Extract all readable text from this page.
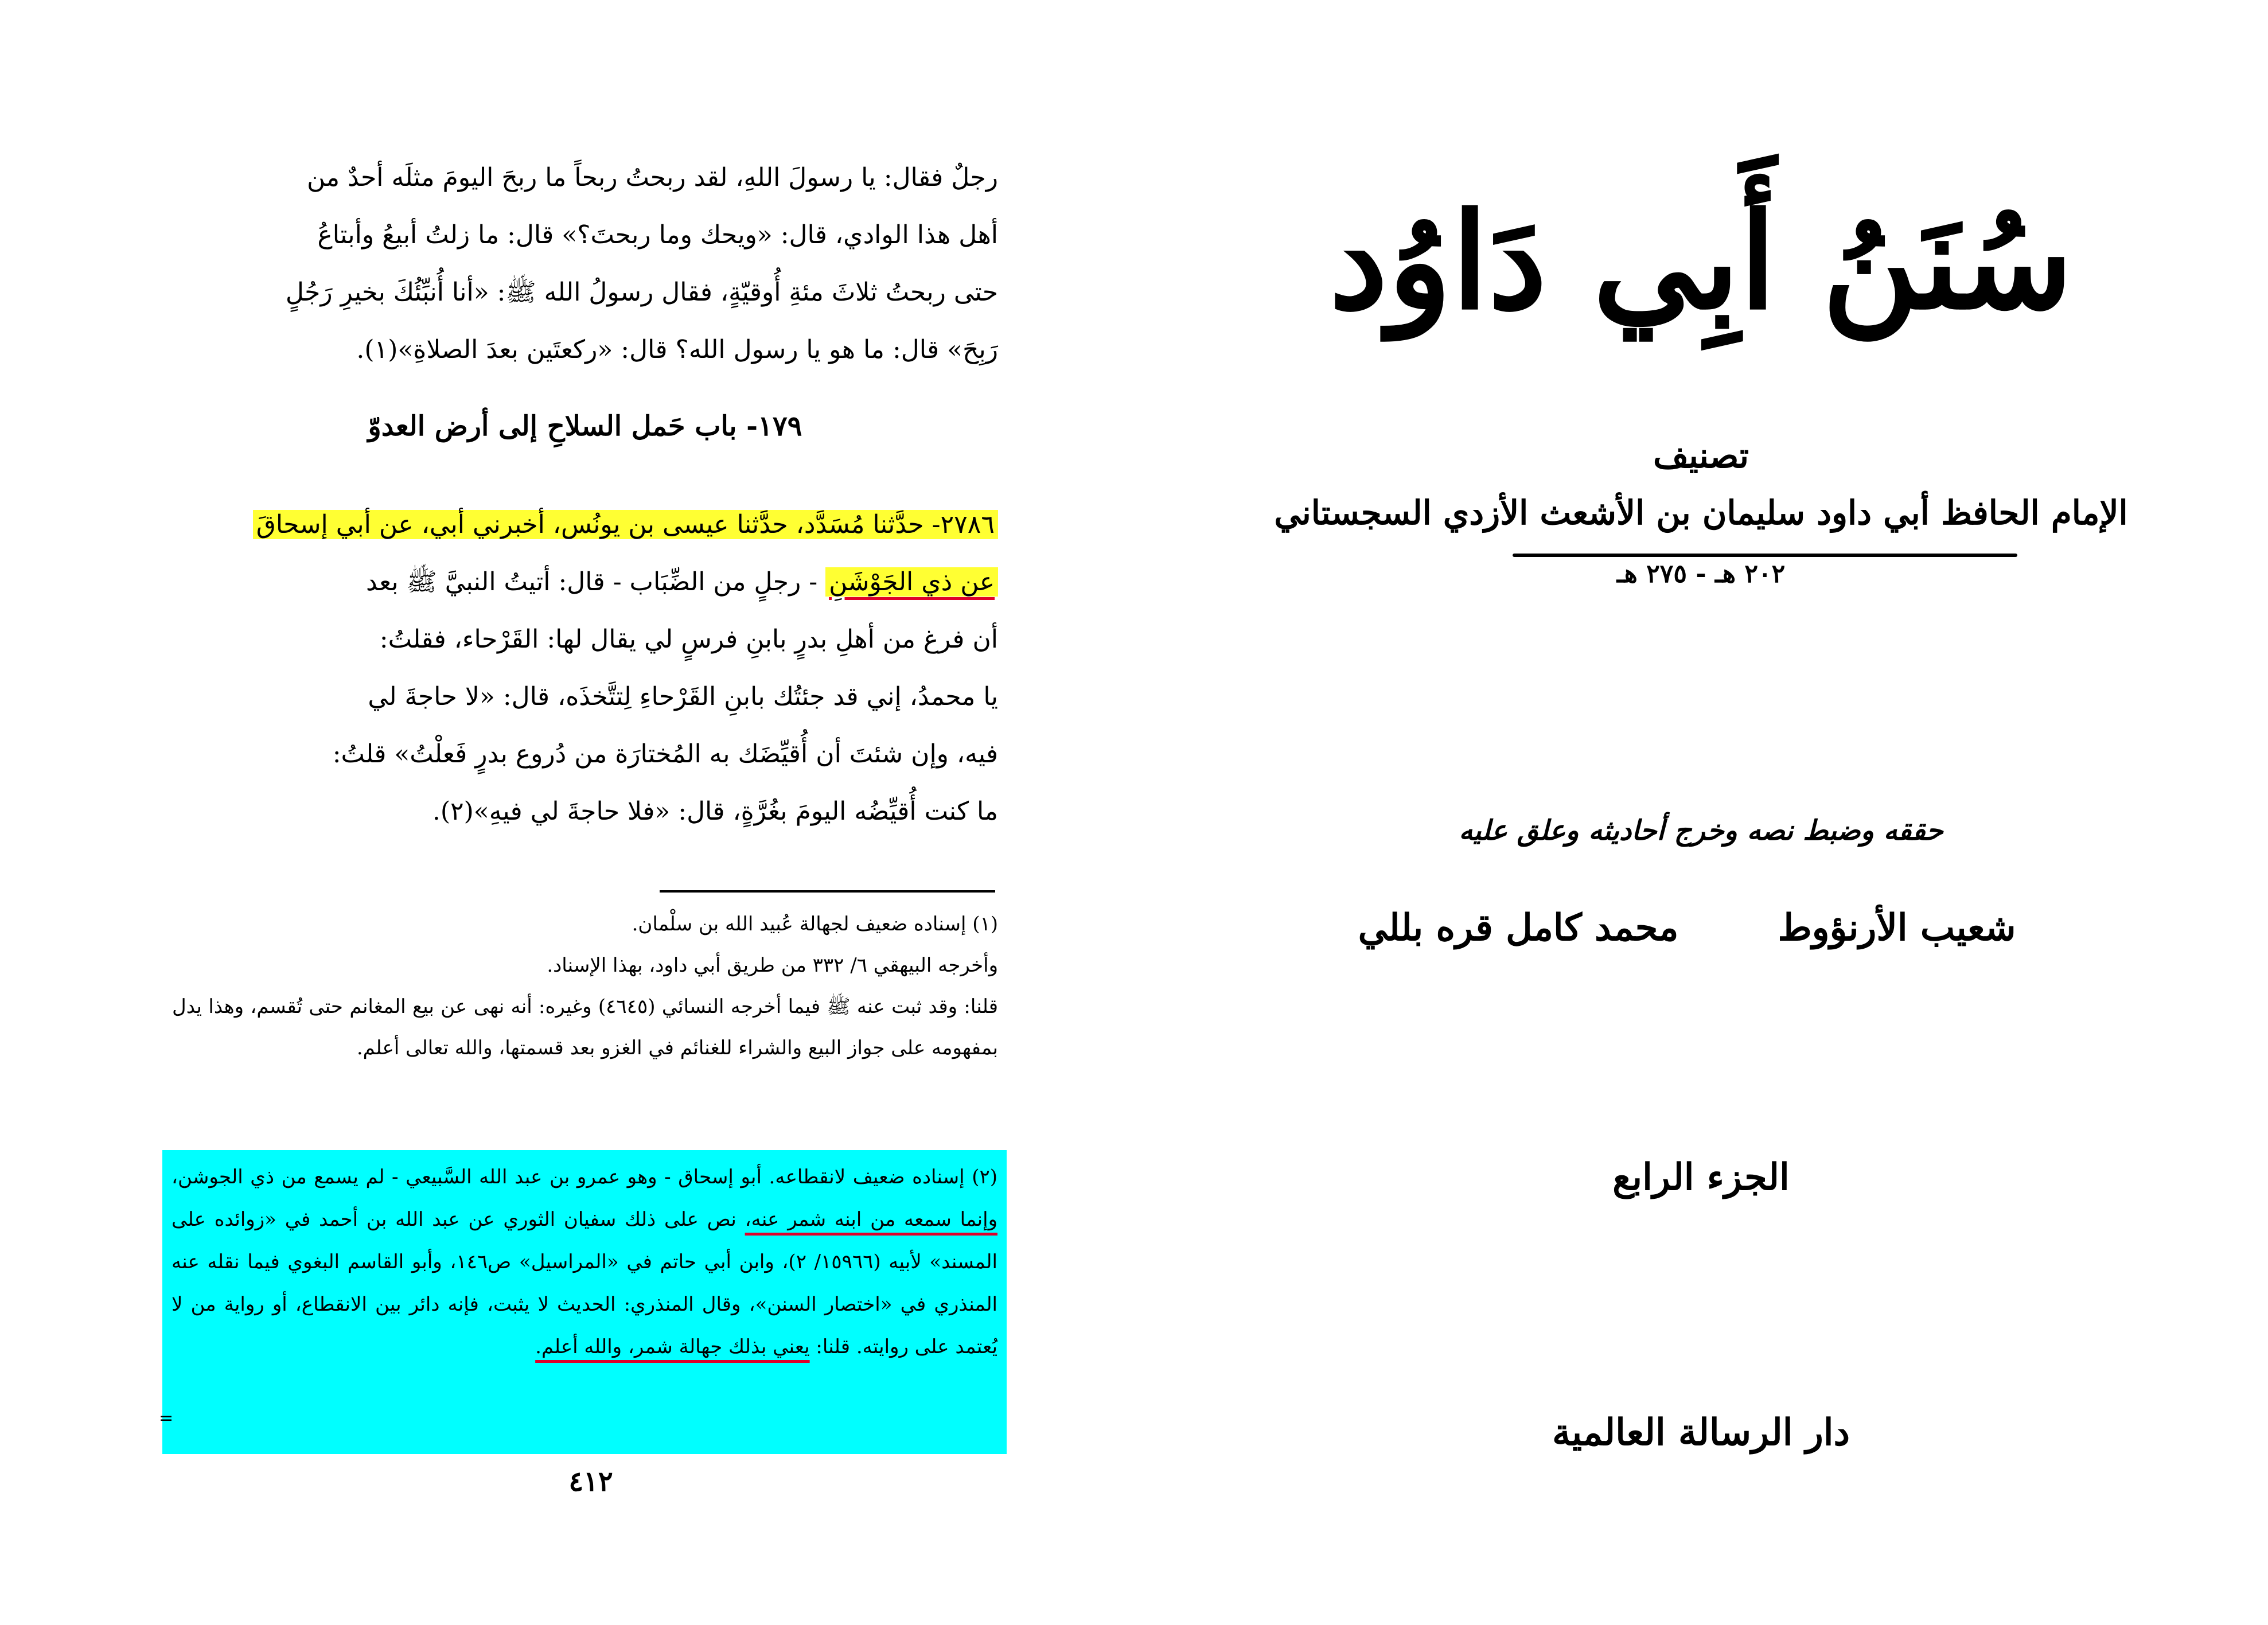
رجلٌ فقال: يا رسولَ اللهِ، لقد ربحتُ ربحاً ما ربحَ اليومَ مثلَه أحدٌ من

أهل هذا الوادي، قال: «ويحك وما ربحتَ؟» قال: ما زلتُ أبيعُ وأبتاعُ

حتى ربحتُ ثلاثَ مئةِ أُوقيّةٍ، فقال رسولُ الله ﷺ: «أنا أُنبِّئُكَ بخيرِ رَجُلٍ

رَبِحَ» قال: ما هو يا رسول الله؟ قال: «ركعتَين بعدَ الصلاةِ»(١).

١٧٩- باب حَمل السلاحِ إلى أرض العدوّ

٢٧٨٦- حدَّثنا مُسَدَّد، حدَّثنا عيسى بن يونُس، أخبرني أبي، عن أبي إسحاقَ

عن ذي الجَوْشَنِ - رجلٍ من الضِّبَاب - قال: أتيتُ النبيَّ ﷺ بعد

أن فرغ من أهلِ بدرٍ بابنِ فرسٍ لي يقال لها: القَرْحاء، فقلتُ:

يا محمدُ، إني قد جئتُك بابنِ القَرْحاءِ لِتتَّخذَه، قال: «لا حاجةَ لي

فيه، وإن شئتَ أن أُقيِّضَك به المُختارَة من دُروع بدرٍ فَعلْتُ» قلتُ:

ما كنت أُقيِّضُه اليومَ بغُرَّةٍ، قال: «فلا حاجةَ لي فيهِ»(٢).

(١) إسناده ضعيف لجهالة عُبيد الله بن سلْمان.

وأخرجه البيهقي ٦/ ٣٣٢ من طريق أبي داود، بهذا الإسناد.

قلنا: وقد ثبت عنه ﷺ فيما أخرجه النسائي (٤٦٤٥) وغيره: أنه نهى عن بيع المغانم حتى تُقسم، وهذا يدل بمفهومه على جواز البيع والشراء للغنائم في الغزو بعد قسمتها، والله تعالى أعلم.

(٢) إسناده ضعيف لانقطاعه. أبو إسحاق - وهو عمرو بن عبد الله السَّبيعي - لم يسمع من ذي الجوشن، وإنما سمعه من ابنه شمر عنه، نص على ذلك سفيان الثوري عن عبد الله بن أحمد في «زوائده على المسند» لأبيه (١٥٩٦٦/ ٢)، وابن أبي حاتم في «المراسيل» ص١٤٦، وأبو القاسم البغوي فيما نقله عنه المنذري في «اختصار السنن»، وقال المنذري: الحديث لا يثبت، فإنه دائر بين الانقطاع، أو رواية من لا يُعتمد على روايته. قلنا: يعني بذلك جهالة شمر، والله أعلم.
=
٤١٢
سُنَنُ أَبِي دَاوُد
تصنيف
الإمام الحافظ أبي داود سليمان بن الأشعث الأزدي السجستاني
٢٠٢ هـ - ٢٧٥ هـ
حققه وضبط نصه وخرج أحاديثه وعلق عليه
شعيب الأرنؤوط
محمد كامل قره بللي
الجزء الرابع
دار الرسالة العالمية
